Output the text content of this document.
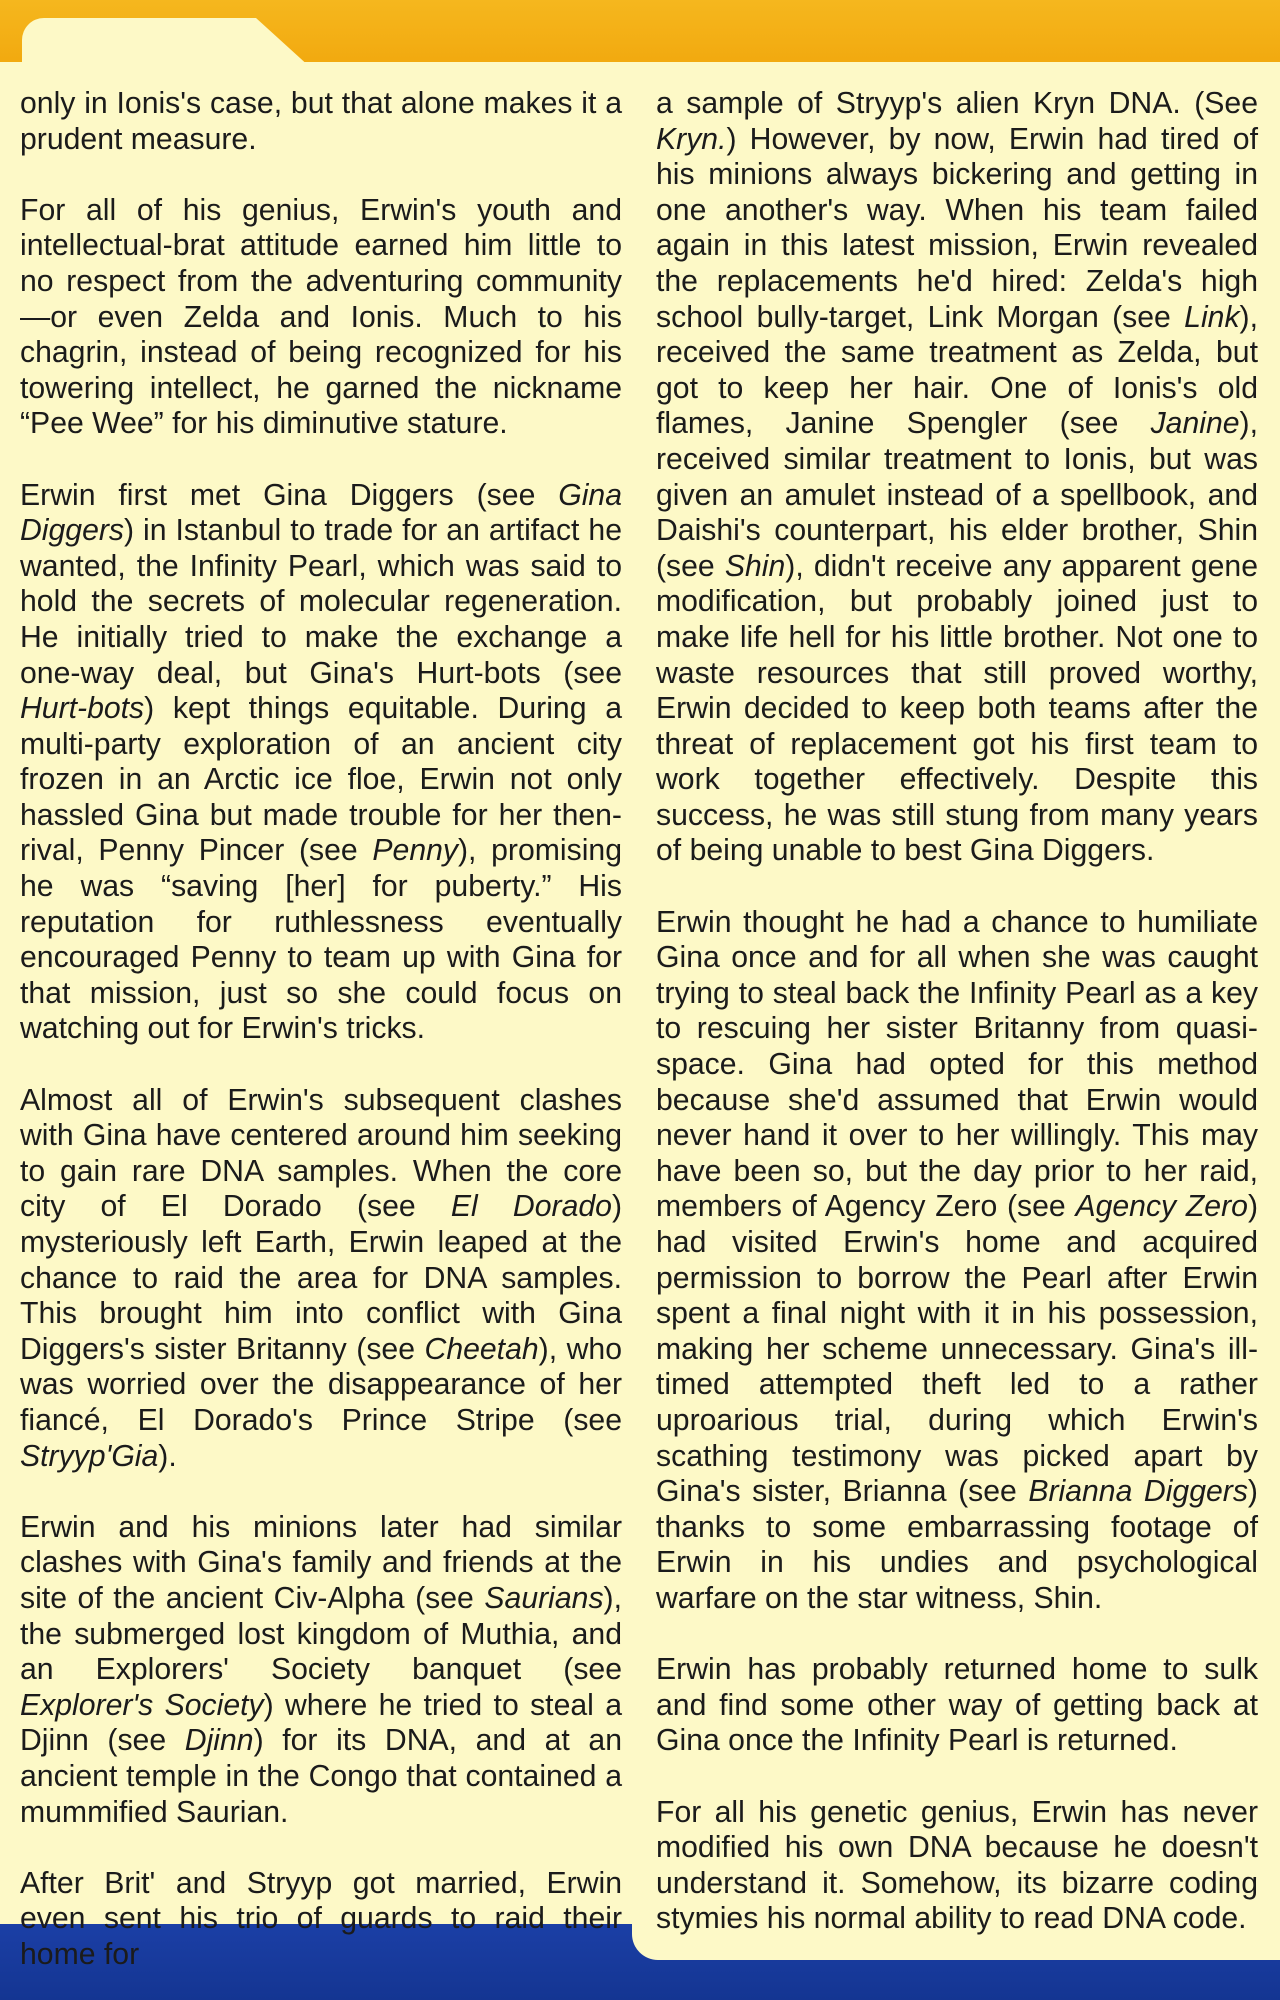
only in Ionis's case, but that alone makes it a prudent measure.

For all of his genius, Erwin's youth and intellectual-brat attitude earned him little to no respect from the adventuring community—or even Zelda and Ionis. Much to his chagrin, instead of being recognized for his towering intellect, he garned the nickname “Pee Wee” for his diminutive stature.

Erwin first met Gina Diggers (see Gina Diggers) in Istanbul to trade for an artifact he wanted, the Infinity Pearl, which was said to hold the secrets of molecular regeneration. He initially tried to make the exchange a one-way deal, but Gina's Hurt-bots (see Hurt-bots) kept things equitable. During a multi-party exploration of an ancient city frozen in an Arctic ice floe, Erwin not only hassled Gina but made trouble for her then-rival, Penny Pincer (see Penny), promising he was “saving [her] for puberty.” His reputation for ruthlessness eventually encouraged Penny to team up with Gina for that mission, just so she could focus on watching out for Erwin's tricks.

Almost all of Erwin's subsequent clashes with Gina have centered around him seeking to gain rare DNA samples. When the core city of El Dorado (see El Dorado) mysteriously left Earth, Erwin leaped at the chance to raid the area for DNA samples. This brought him into conflict with Gina Diggers's sister Britanny (see Cheetah), who was worried over the disappearance of her fiancé, El Dorado's Prince Stripe (see Stryyp'Gia).

Erwin and his minions later had similar clashes with Gina's family and friends at the site of the ancient Civ-Alpha (see Saurians), the submerged lost kingdom of Muthia, and an Explorers' Society banquet (see Explorer's Society) where he tried to steal a Djinn (see Djinn) for its DNA, and at an ancient temple in the Congo that contained a mummified Saurian.

After Brit' and Stryyp got married, Erwin even sent his trio of guards to raid their home for

a sample of Stryyp's alien Kryn DNA. (See Kryn.) However, by now, Erwin had tired of his minions always bickering and getting in one another's way. When his team failed again in this latest mission, Erwin revealed the replacements he'd hired: Zelda's high school bully-target, Link Morgan (see Link), received the same treatment as Zelda, but got to keep her hair. One of Ionis's old flames, Janine Spengler (see Janine), received similar treatment to Ionis, but was given an amulet instead of a spellbook, and Daishi's counterpart, his elder brother, Shin (see Shin), didn't receive any apparent gene modification, but probably joined just to make life hell for his little brother. Not one to waste resources that still proved worthy, Erwin decided to keep both teams after the threat of replacement got his first team to work together effectively. Despite this success, he was still stung from many years of being unable to best Gina Diggers.

Erwin thought he had a chance to humiliate Gina once and for all when she was caught trying to steal back the Infinity Pearl as a key to rescuing her sister Britanny from quasi-space. Gina had opted for this method because she'd assumed that Erwin would never hand it over to her willingly. This may have been so, but the day prior to her raid, members of Agency Zero (see Agency Zero) had visited Erwin's home and acquired permission to borrow the Pearl after Erwin spent a final night with it in his possession, making her scheme unnecessary. Gina's ill-timed attempted theft led to a rather uproarious trial, during which Erwin's scathing testimony was picked apart by Gina's sister, Brianna (see Brianna Diggers) thanks to some embarrassing footage of Erwin in his undies and psychological warfare on the star witness, Shin.

Erwin has probably returned home to sulk and find some other way of getting back at Gina once the Infinity Pearl is returned.

For all his genetic genius, Erwin has never modified his own DNA because he doesn't understand it. Somehow, its bizarre coding stymies his normal ability to read DNA code.
